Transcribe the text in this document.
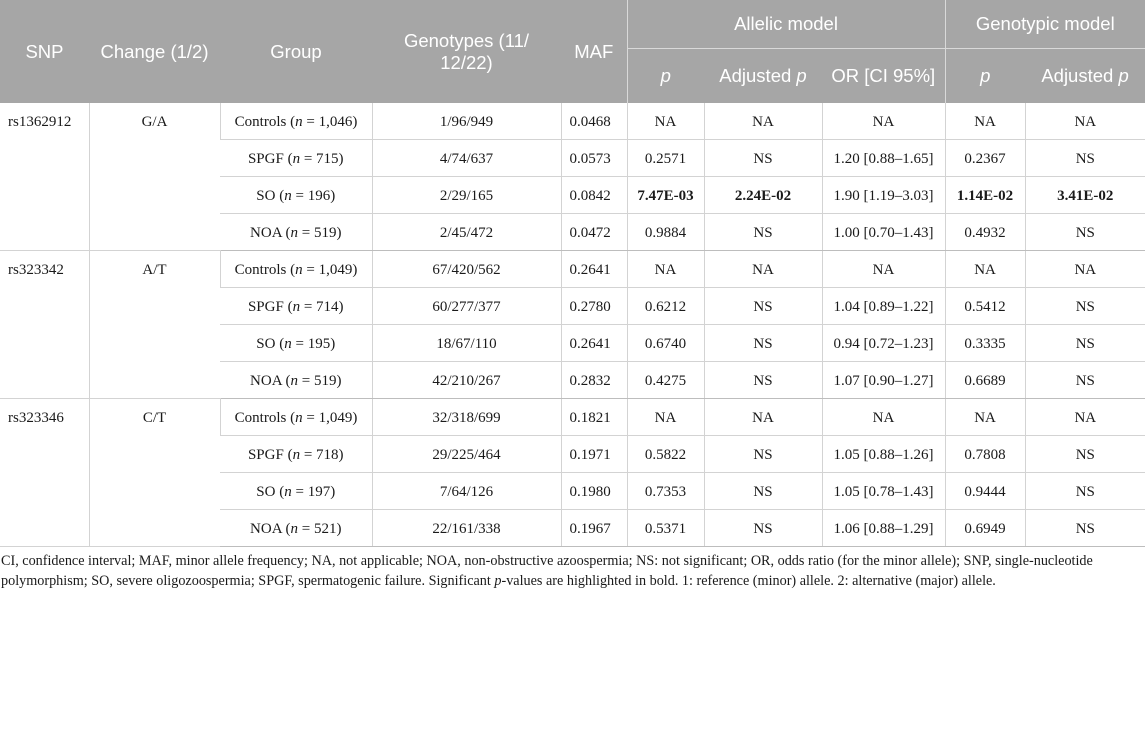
SNP	Change (1/2)	Group	Genotypes (11/ 12/22)	MAF	Allelic model			Genotypic model	
					p	Adjusted p	OR [CI 95%]	p	Adjusted p
rs1362912	G/A	Controls (n = 1,046)	1/96/949	0.0468	NA	NA	NA	NA	NA
		SPGF (n = 715)	4/74/637	0.0573	0.2571	NS	1.20 [0.88–1.65]	0.2367	NS
		SO (n = 196)	2/29/165	0.0842	7.47E-03	2.24E-02	1.90 [1.19–3.03]	1.14E-02	3.41E-02
		NOA (n = 519)	2/45/472	0.0472	0.9884	NS	1.00 [0.70–1.43]	0.4932	NS
rs323342	A/T	Controls (n = 1,049)	67/420/562	0.2641	NA	NA	NA	NA	NA
		SPGF (n = 714)	60/277/377	0.2780	0.6212	NS	1.04 [0.89–1.22]	0.5412	NS
		SO (n = 195)	18/67/110	0.2641	0.6740	NS	0.94 [0.72–1.23]	0.3335	NS
		NOA (n = 519)	42/210/267	0.2832	0.4275	NS	1.07 [0.90–1.27]	0.6689	NS
rs323346	C/T	Controls (n = 1,049)	32/318/699	0.1821	NA	NA	NA	NA	NA
		SPGF (n = 718)	29/225/464	0.1971	0.5822	NS	1.05 [0.88–1.26]	0.7808	NS
		SO (n = 197)	7/64/126	0.1980	0.7353	NS	1.05 [0.78–1.43]	0.9444	NS
		NOA (n = 521)	22/161/338	0.1967	0.5371	NS	1.06 [0.88–1.29]	0.6949	NS
CI, confidence interval; MAF, minor allele frequency; NA, not applicable; NOA, non-obstructive azoospermia; NS: not significant; OR, odds ratio (for the minor allele); SNP, single-nucleotide polymorphism; SO, severe oligozoospermia; SPGF, spermatogenic failure. Significant p-values are highlighted in bold. 1: reference (minor) allele. 2: alternative (major) allele.
